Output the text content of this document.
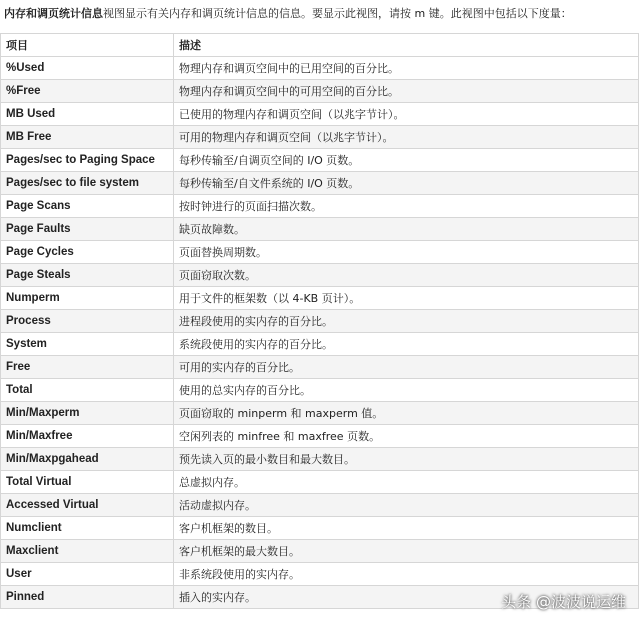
内存和调页统计信息视图显示有关内存和调页统计信息的信息。要显示此视图，请按 m 键。此视图中包括以下度量：
项目	描述
%Used	物理内存和调页空间中的已用空间的百分比。
%Free	物理内存和调页空间中的可用空间的百分比。
MB Used	已使用的物理内存和调页空间（以兆字节计）。
MB Free	可用的物理内存和调页空间（以兆字节计）。
Pages/sec to Paging Space	每秒传输至/自调页空间的 I/O 页数。
Pages/sec to file system	每秒传输至/自文件系统的 I/O 页数。
Page Scans	按时钟进行的页面扫描次数。
Page Faults	缺页故障数。
Page Cycles	页面替换周期数。
Page Steals	页面窃取次数。
Numperm	用于文件的框架数（以 4-KB 页计）。
Process	进程段使用的实内存的百分比。
System	系统段使用的实内存的百分比。
Free	可用的实内存的百分比。
Total	使用的总实内存的百分比。
Min/Maxperm	页面窃取的 minperm 和 maxperm 值。
Min/Maxfree	空闲列表的 minfree 和 maxfree 页数。
Min/Maxpgahead	预先读入页的最小数目和最大数目。
Total Virtual	总虚拟内存。
Accessed Virtual	活动虚拟内存。
Numclient	客户机框架的数目。
Maxclient	客户机框架的最大数目。
User	非系统段使用的实内存。
Pinned	插入的实内存。	头条 @波波说运维
